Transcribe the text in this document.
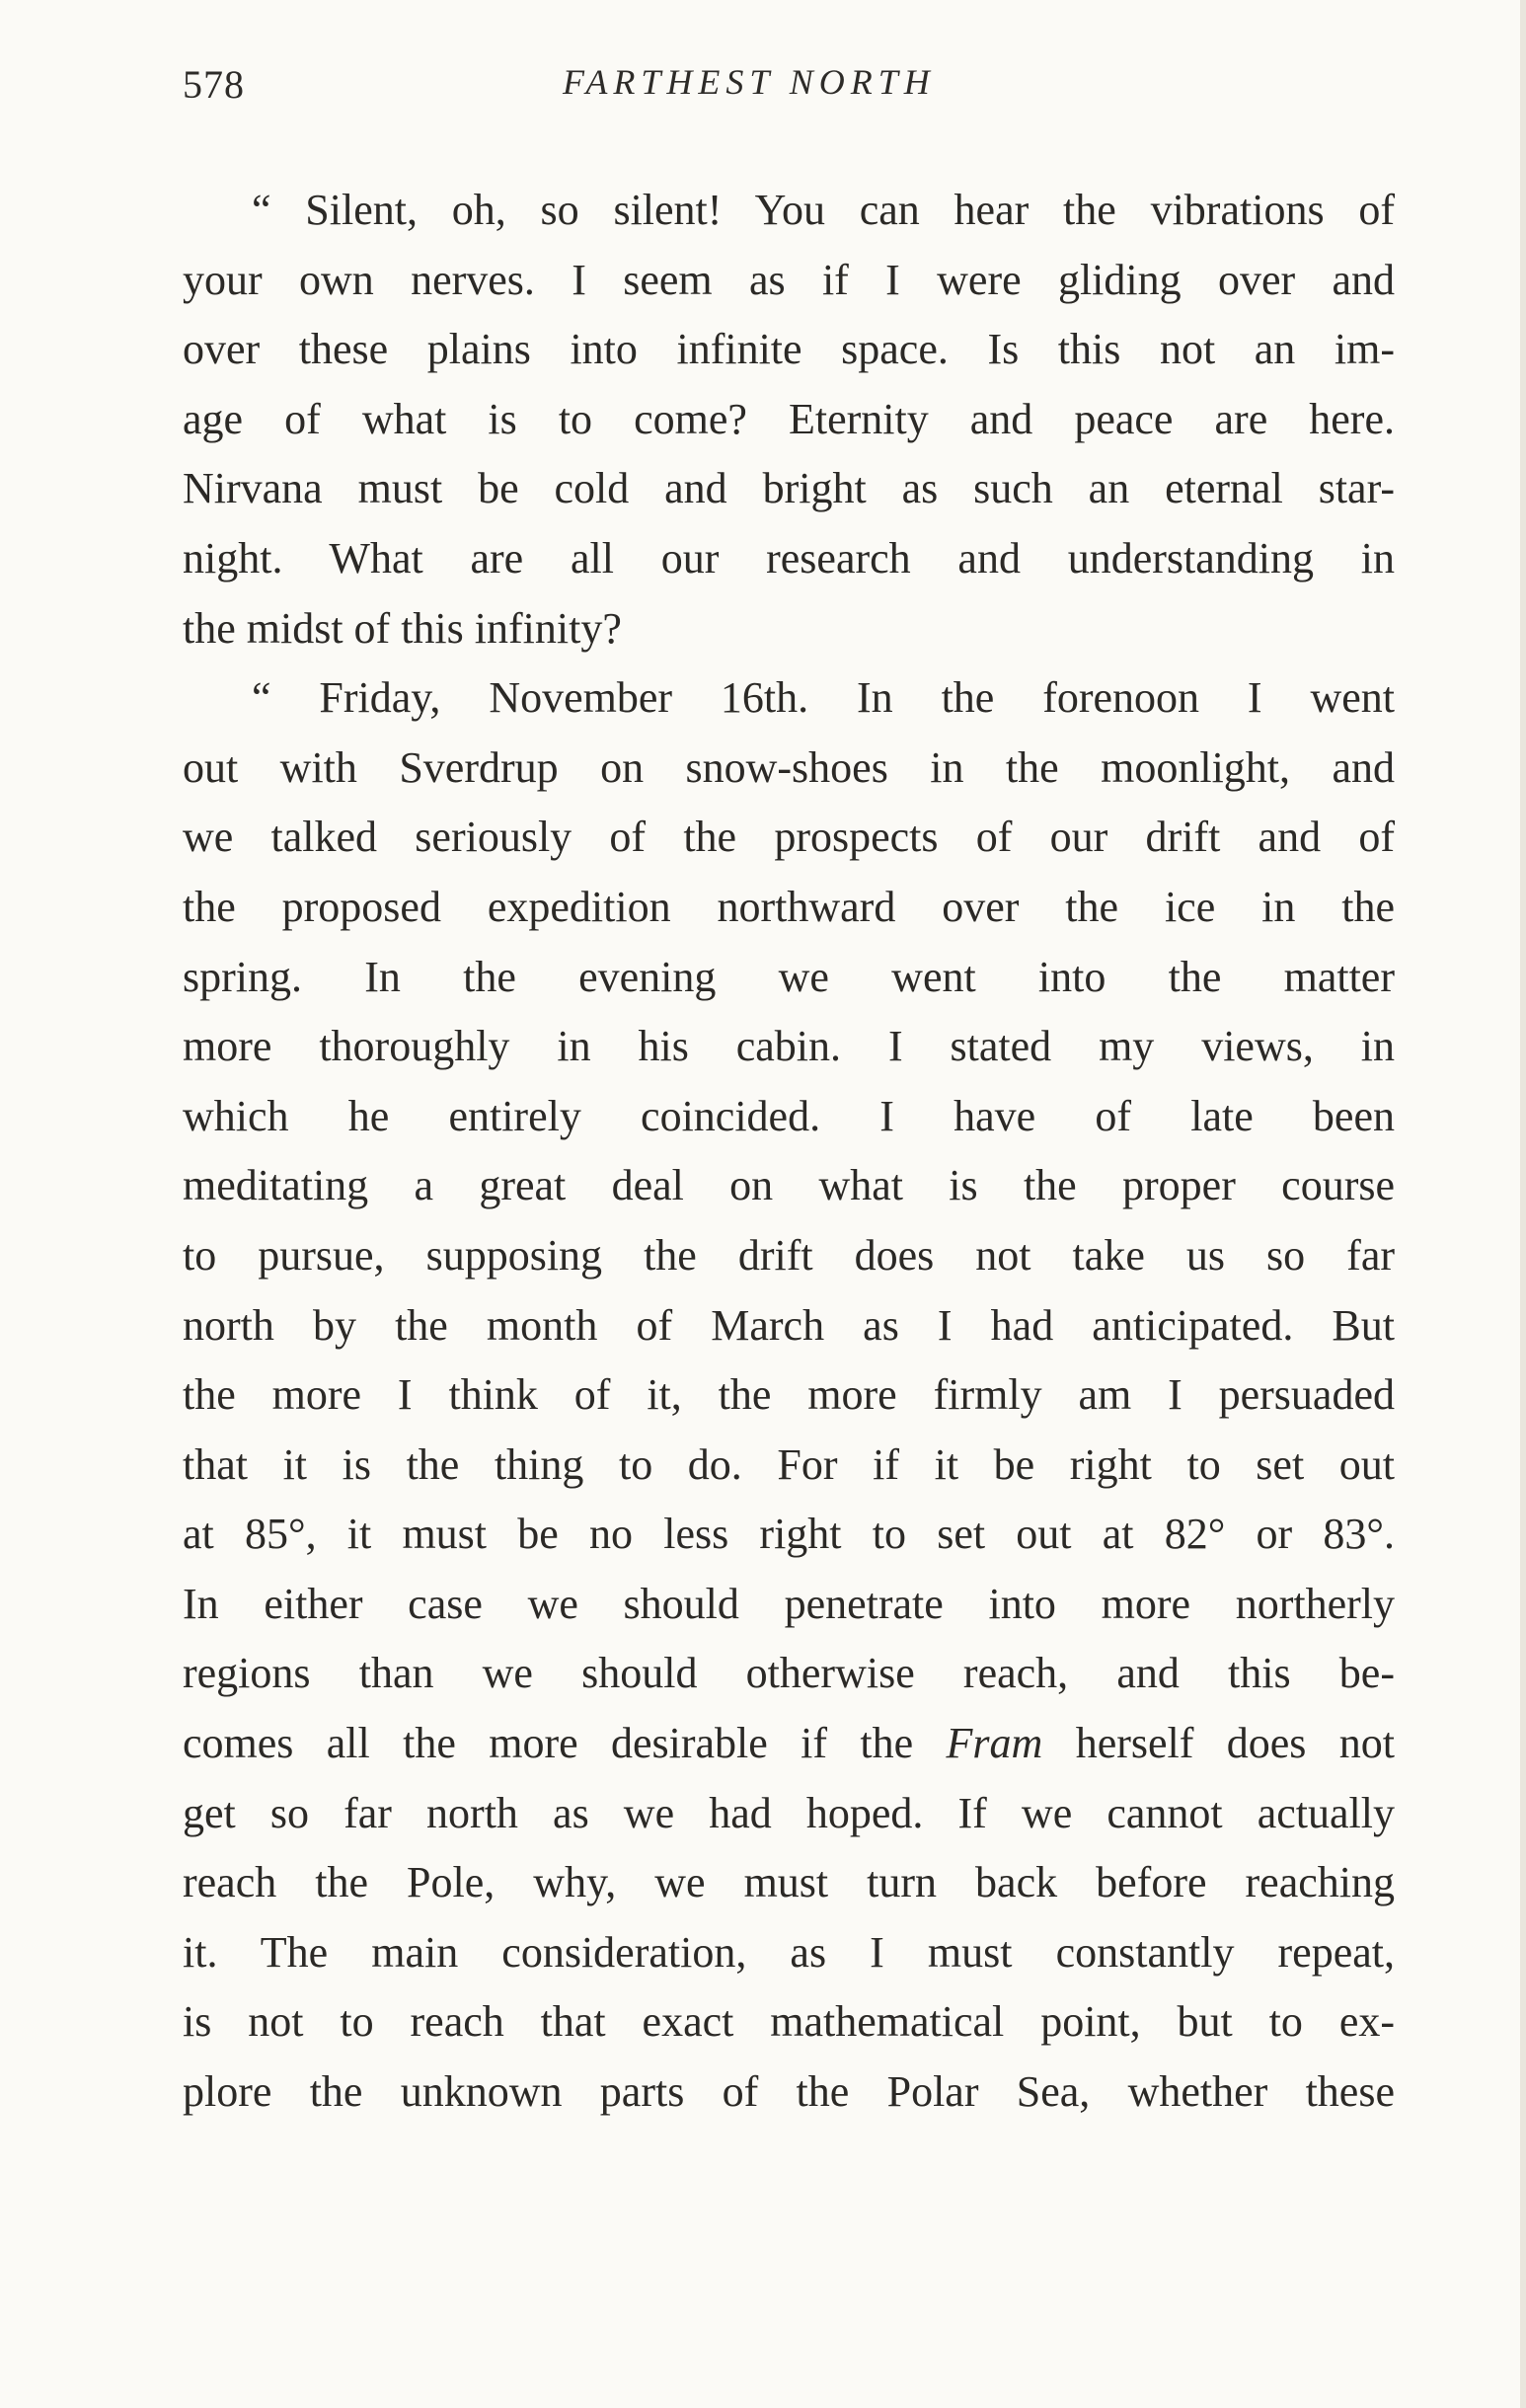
578	FARTHEST NORTH
“ Silent, oh, so silent! You can hear the vibrations of
your own nerves. I seem as if I were gliding over and
over these plains into infinite space. Is this not an im-
age of what is to come? Eternity and peace are here.
Nirvana must be cold and bright as such an eternal star-
night. What are all our research and understanding in
the midst of this infinity?
“ Friday, November 16th. In the forenoon I went
out with Sverdrup on snow-shoes in the moonlight, and
we talked seriously of the prospects of our drift and of
the proposed expedition northward over the ice in the
spring. In the evening we went into the matter
more thoroughly in his cabin. I stated my views, in
which he entirely coincided. I have of late been
meditating a great deal on what is the proper course
to pursue, supposing the drift does not take us so far
north by the month of March as I had anticipated. But
the more I think of it, the more firmly am I persuaded
that it is the thing to do. For if it be right to set out
at 85°, it must be no less right to set out at 82° or 83°.
In either case we should penetrate into more northerly
regions than we should otherwise reach, and this be-
comes all the more desirable if the Fram herself does not
get so far north as we had hoped. If we cannot actually
reach the Pole, why, we must turn back before reaching
it. The main consideration, as I must constantly repeat,
is not to reach that exact mathematical point, but to ex-
plore the unknown parts of the Polar Sea, whether these
